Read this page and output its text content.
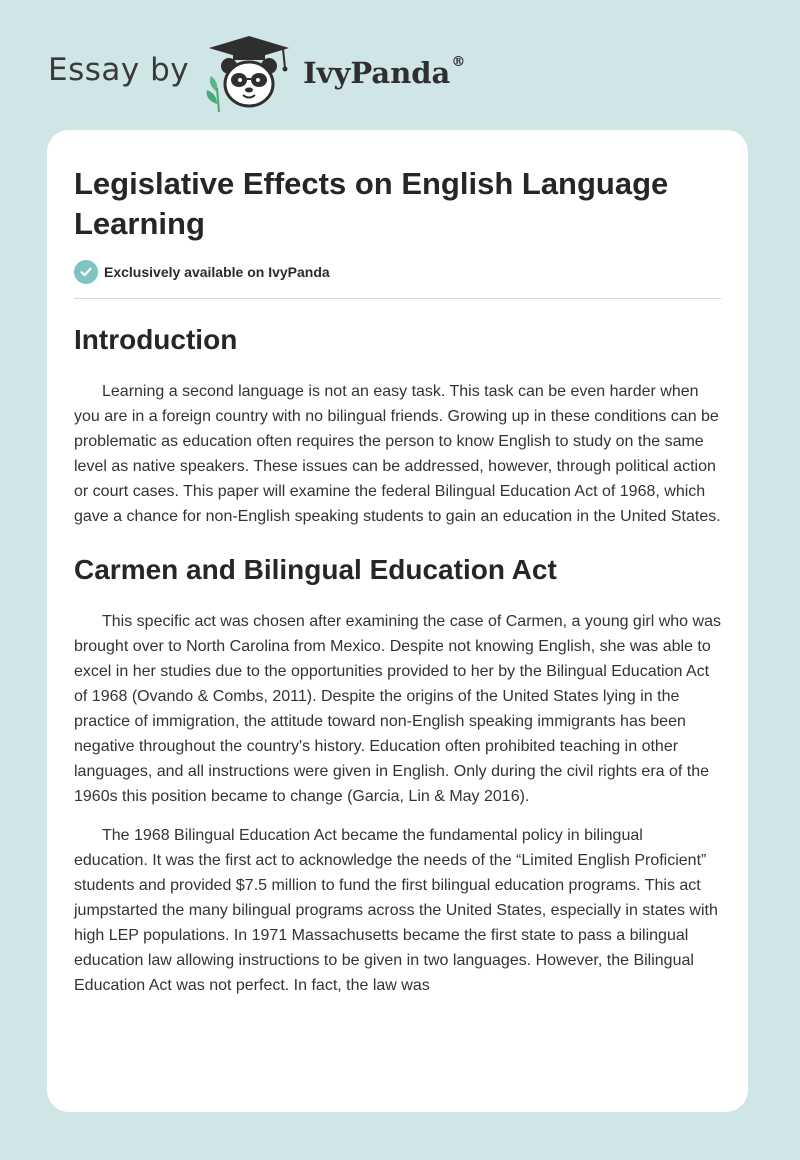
Essay by	IvyPanda®
Legislative Effects on English Language Learning
Exclusively available on IvyPanda
Introduction

Learning a second language is not an easy task. This task can be even harder when you are in a foreign country with no bilingual friends. Growing up in these conditions can be problematic as education often requires the person to know English to study on the same level as native speakers. These issues can be addressed, however, through political action or court cases. This paper will examine the federal Bilingual Education Act of 1968, which gave a chance for non-English speaking students to gain an education in the United States.

Carmen and Bilingual Education Act

This specific act was chosen after examining the case of Carmen, a young girl who was brought over to North Carolina from Mexico. Despite not knowing English, she was able to excel in her studies due to the opportunities provided to her by the Bilingual Education Act of 1968 (Ovando & Combs, 2011). Despite the origins of the United States lying in the practice of immigration, the attitude toward non-English speaking immigrants has been negative throughout the country's history. Education often prohibited teaching in other languages, and all instructions were given in English. Only during the civil rights era of the 1960s this position became to change (Garcia, Lin & May 2016).

The 1968 Bilingual Education Act became the fundamental policy in bilingual education. It was the first act to acknowledge the needs of the “Limited English Proficient” students and provided $7.5 million to fund the first bilingual education programs. This act jumpstarted the many bilingual programs across the United States, especially in states with high LEP populations. In 1971 Massachusetts became the first state to pass a bilingual education law allowing instructions to be given in two languages. However, the Bilingual Education Act was not perfect. In fact, the law was
